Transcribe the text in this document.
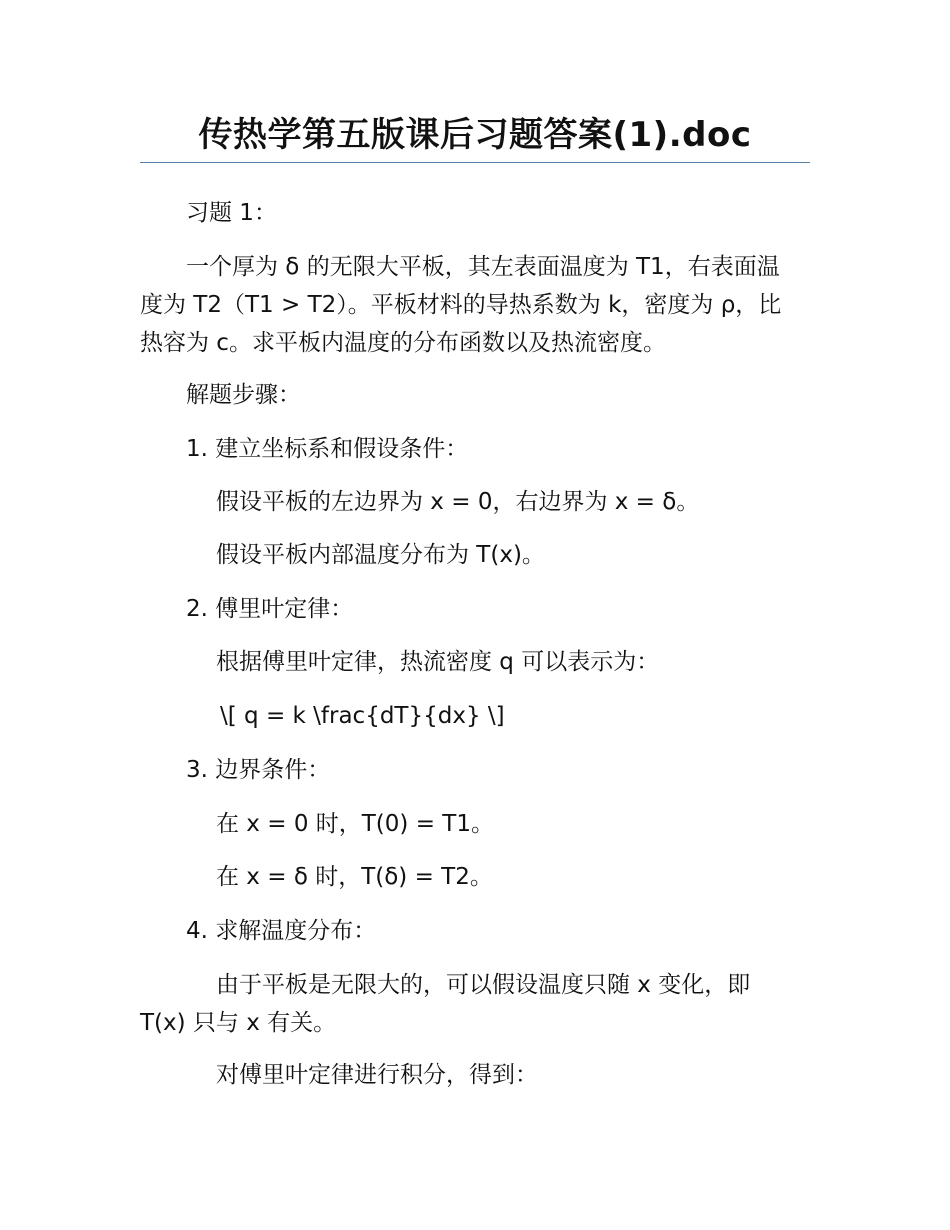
传热学第五版课后习题答案(1).doc
习题 1：
一个厚为 δ 的无限大平板，其左表面温度为 T1，右表面温度为 T2（T1 > T2）。平板材料的导热系数为 k，密度为 ρ，比热容为 c。求平板内温度的分布函数以及热流密度。
解题步骤：
1. 建立坐标系和假设条件：
假设平板的左边界为 x = 0，右边界为 x = δ。
假设平板内部温度分布为 T(x)。
2. 傅里叶定律：
根据傅里叶定律，热流密度 q 可以表示为：
\[ q = k \frac{dT}{dx} \]
3. 边界条件：
在 x = 0 时，T(0) = T1。
在 x = δ 时，T(δ) = T2。
4. 求解温度分布：
由于平板是无限大的，可以假设温度只随 x 变化，即 T(x) 只与 x 有关。
对傅里叶定律进行积分，得到：
